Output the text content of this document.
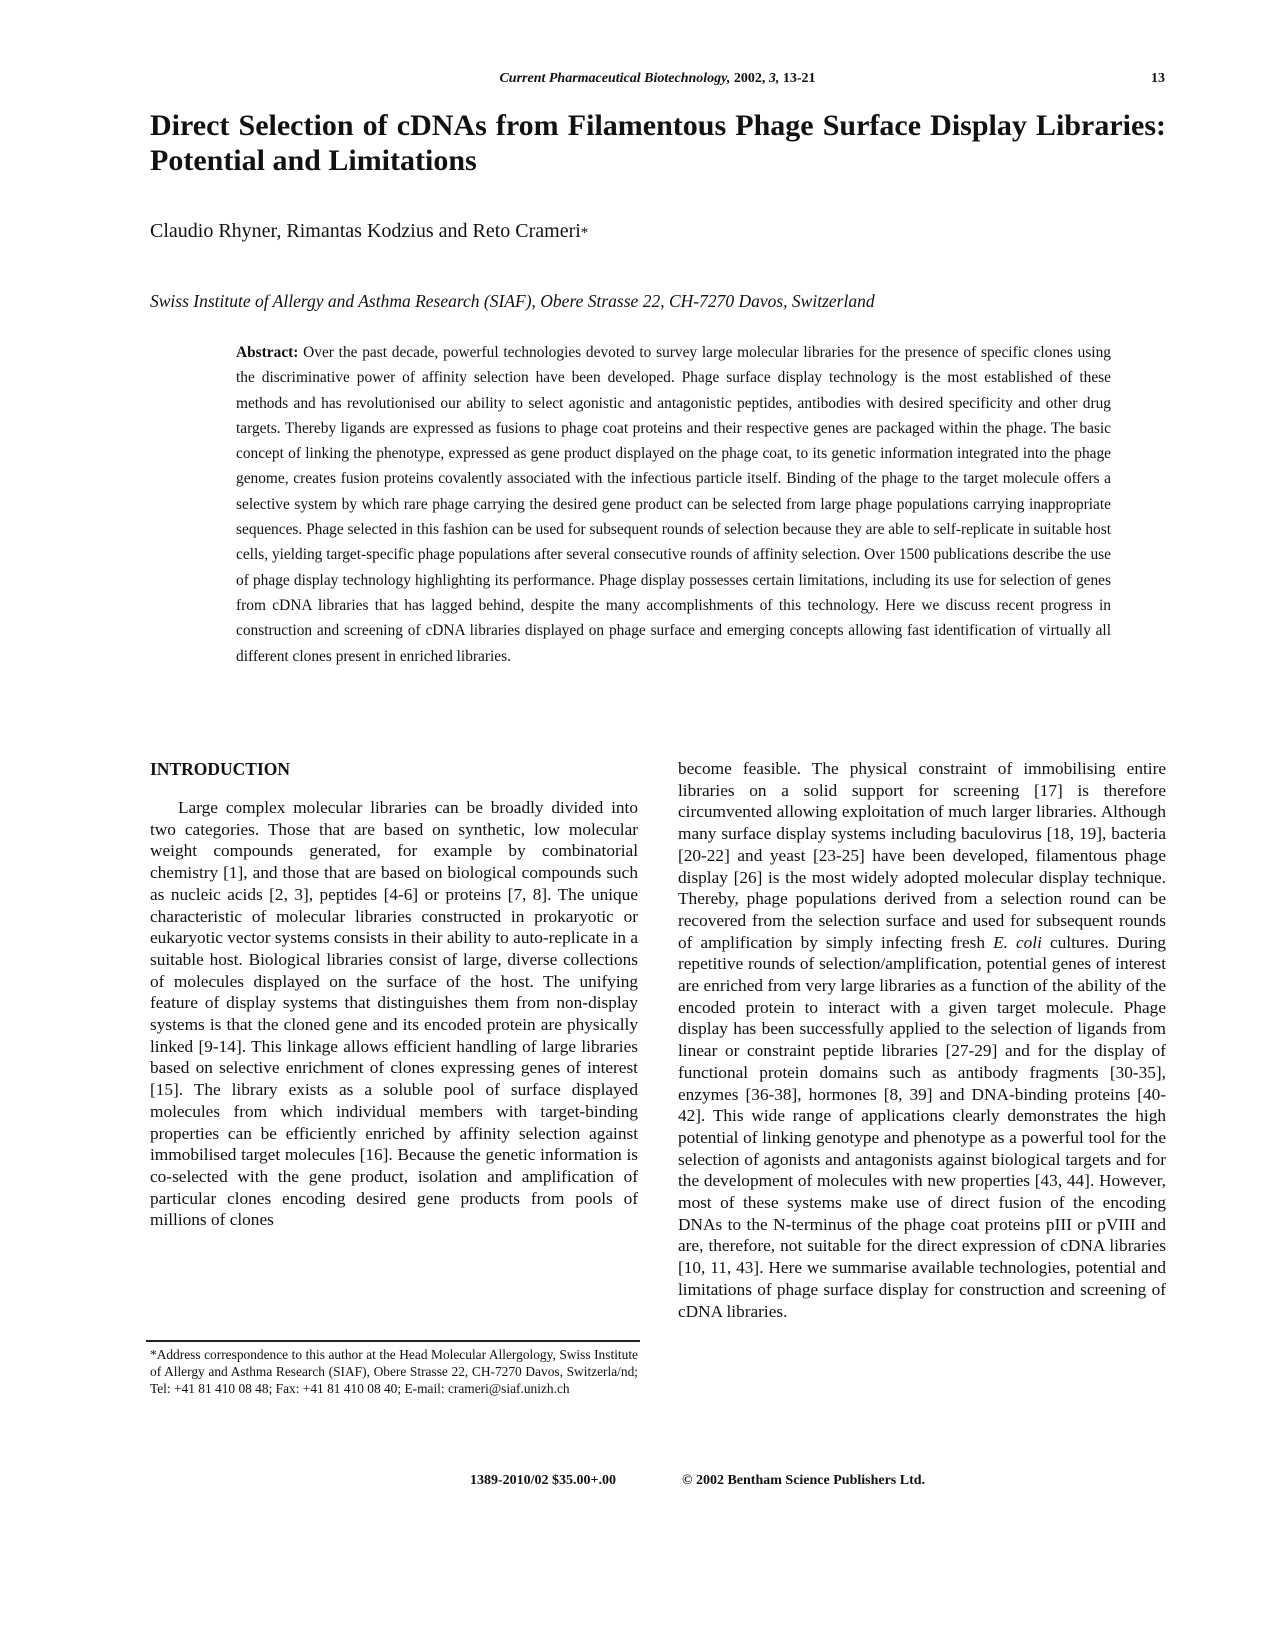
Current Pharmaceutical Biotechnology, 2002, 3, 13-21	13
Direct Selection of cDNAs from Filamentous Phage Surface Display Libraries: Potential and Limitations
Claudio Rhyner, Rimantas Kodzius and Reto Crameri*
Swiss Institute of Allergy and Asthma Research (SIAF), Obere Strasse 22, CH-7270 Davos, Switzerland

Abstract: Over the past decade, powerful technologies devoted to survey large molecular libraries for the presence of specific clones using the discriminative power of affinity selection have been developed. Phage surface display technology is the most established of these methods and has revolutionised our ability to select agonistic and antagonistic peptides, antibodies with desired specificity and other drug targets. Thereby ligands are expressed as fusions to phage coat proteins and their respective genes are packaged within the phage. The basic concept of linking the phenotype, expressed as gene product displayed on the phage coat, to its genetic information integrated into the phage genome, creates fusion proteins covalently associated with the infectious particle itself. Binding of the phage to the target molecule offers a selective system by which rare phage carrying the desired gene product can be selected from large phage populations carrying inappropriate sequences. Phage selected in this fashion can be used for subsequent rounds of selection because they are able to self-replicate in suitable host cells, yielding target-specific phage populations after several consecutive rounds of affinity selection. Over 1500 publications describe the use of phage display technology highlighting its performance. Phage display possesses certain limitations, including its use for selection of genes from cDNA libraries that has lagged behind, despite the many accomplishments of this technology. Here we discuss recent progress in construction and screening of cDNA libraries displayed on phage surface and emerging concepts allowing fast identification of virtually all different clones present in enriched libraries.

INTRODUCTION

Large complex molecular libraries can be broadly divided into two categories. Those that are based on synthetic, low molecular weight compounds generated, for example by combinatorial chemistry [1], and those that are based on biological compounds such as nucleic acids [2, 3], peptides [4-6] or proteins [7, 8]. The unique characteristic of molecular libraries constructed in prokaryotic or eukaryotic vector systems consists in their ability to auto-replicate in a suitable host. Biological libraries consist of large, diverse collections of molecules displayed on the surface of the host. The unifying feature of display systems that distinguishes them from non-display systems is that the cloned gene and its encoded protein are physically linked [9-14]. This linkage allows efficient handling of large libraries based on selective enrichment of clones expressing genes of interest [15]. The library exists as a soluble pool of surface displayed molecules from which individual members with target-binding properties can be efficiently enriched by affinity selection against immobilised target molecules [16]. Because the genetic information is co-selected with the gene product, isolation and amplification of particular clones encoding desired gene products from pools of millions of clones

become feasible. The physical constraint of immobilising entire libraries on a solid support for screening [17] is therefore circumvented allowing exploitation of much larger libraries. Although many surface display systems including baculovirus [18, 19], bacteria [20-22] and yeast [23-25] have been developed, filamentous phage display [26] is the most widely adopted molecular display technique. Thereby, phage populations derived from a selection round can be recovered from the selection surface and used for subsequent rounds of amplification by simply infecting fresh E. coli cultures. During repetitive rounds of selection/amplification, potential genes of interest are enriched from very large libraries as a function of the ability of the encoded protein to interact with a given target molecule. Phage display has been successfully applied to the selection of ligands from linear or constraint peptide libraries [27-29] and for the display of functional protein domains such as antibody fragments [30-35], enzymes [36-38], hormones [8, 39] and DNA-binding proteins [40-42]. This wide range of applications clearly demonstrates the high potential of linking genotype and phenotype as a powerful tool for the selection of agonists and antagonists against biological targets and for the development of molecules with new properties [43, 44]. However, most of these systems make use of direct fusion of the encoding DNAs to the N-terminus of the phage coat proteins pIII or pVIII and are, therefore, not suitable for the direct expression of cDNA libraries [10, 11, 43]. Here we summarise available technologies, potential and limitations of phage surface display for construction and screening of cDNA libraries.

*Address correspondence to this author at the Head Molecular Allergology, Swiss Institute of Allergy and Asthma Research (SIAF), Obere Strasse 22, CH-7270 Davos, Switzerla/nd; Tel: +41 81 410 08 48; Fax: +41 81 410 08 40; E-mail: crameri@siaf.unizh.ch

1389-2010/02 $35.00+.00	© 2002 Bentham Science Publishers Ltd.
